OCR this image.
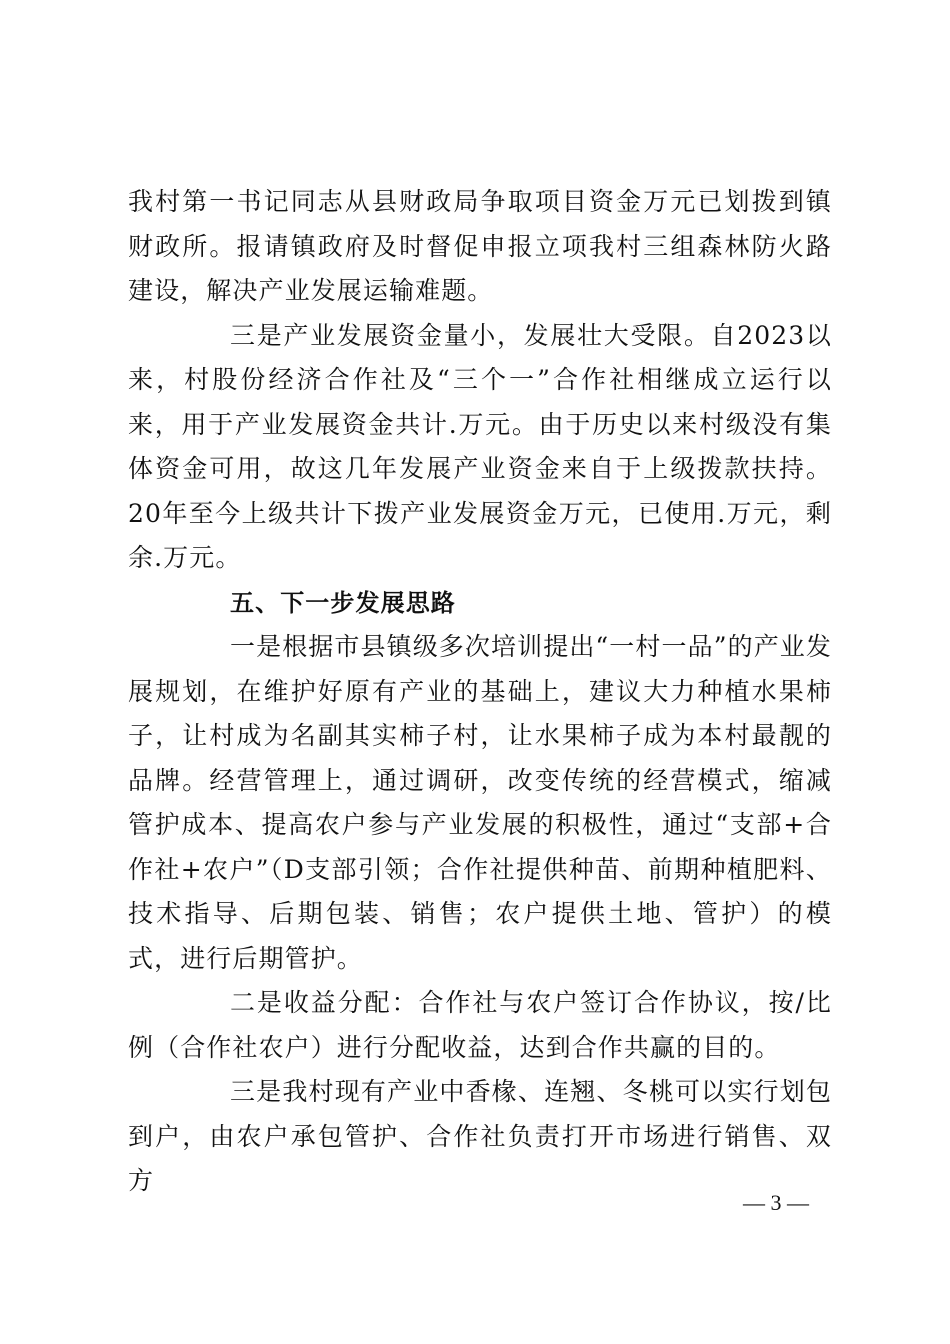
我村第一书记同志从县财政局争取项目资金万元已划拨到镇财政所。报请镇政府及时督促申报立项我村三组森林防火路建设，解决产业发展运输难题。

三是产业发展资金量小，发展壮大受限。自2023以来，村股份经济合作社及“三个一”合作社相继成立运行以来，用于产业发展资金共计.万元。由于历史以来村级没有集体资金可用，故这几年发展产业资金来自于上级拨款扶持。20年至今上级共计下拨产业发展资金万元，已使用.万元，剩余.万元。

五、下一步发展思路

一是根据市县镇级多次培训提出“一村一品”的产业发展规划，在维护好原有产业的基础上，建议大力种植水果柿子，让村成为名副其实柿子村，让水果柿子成为本村最靓的品牌。经营管理上，通过调研，改变传统的经营模式，缩减管护成本、提高农户参与产业发展的积极性，通过“支部+合作社+农户”（D支部引领；合作社提供种苗、前期种植肥料、技术指导、后期包装、销售；农户提供土地、管护）的模式，进行后期管护。

二是收益分配：合作社与农户签订合作协议，按/比例（合作社农户）进行分配收益，达到合作共赢的目的。

三是我村现有产业中香椽、连翘、冬桃可以实行划包到户，由农户承包管护、合作社负责打开市场进行销售、双方

— 3 —
